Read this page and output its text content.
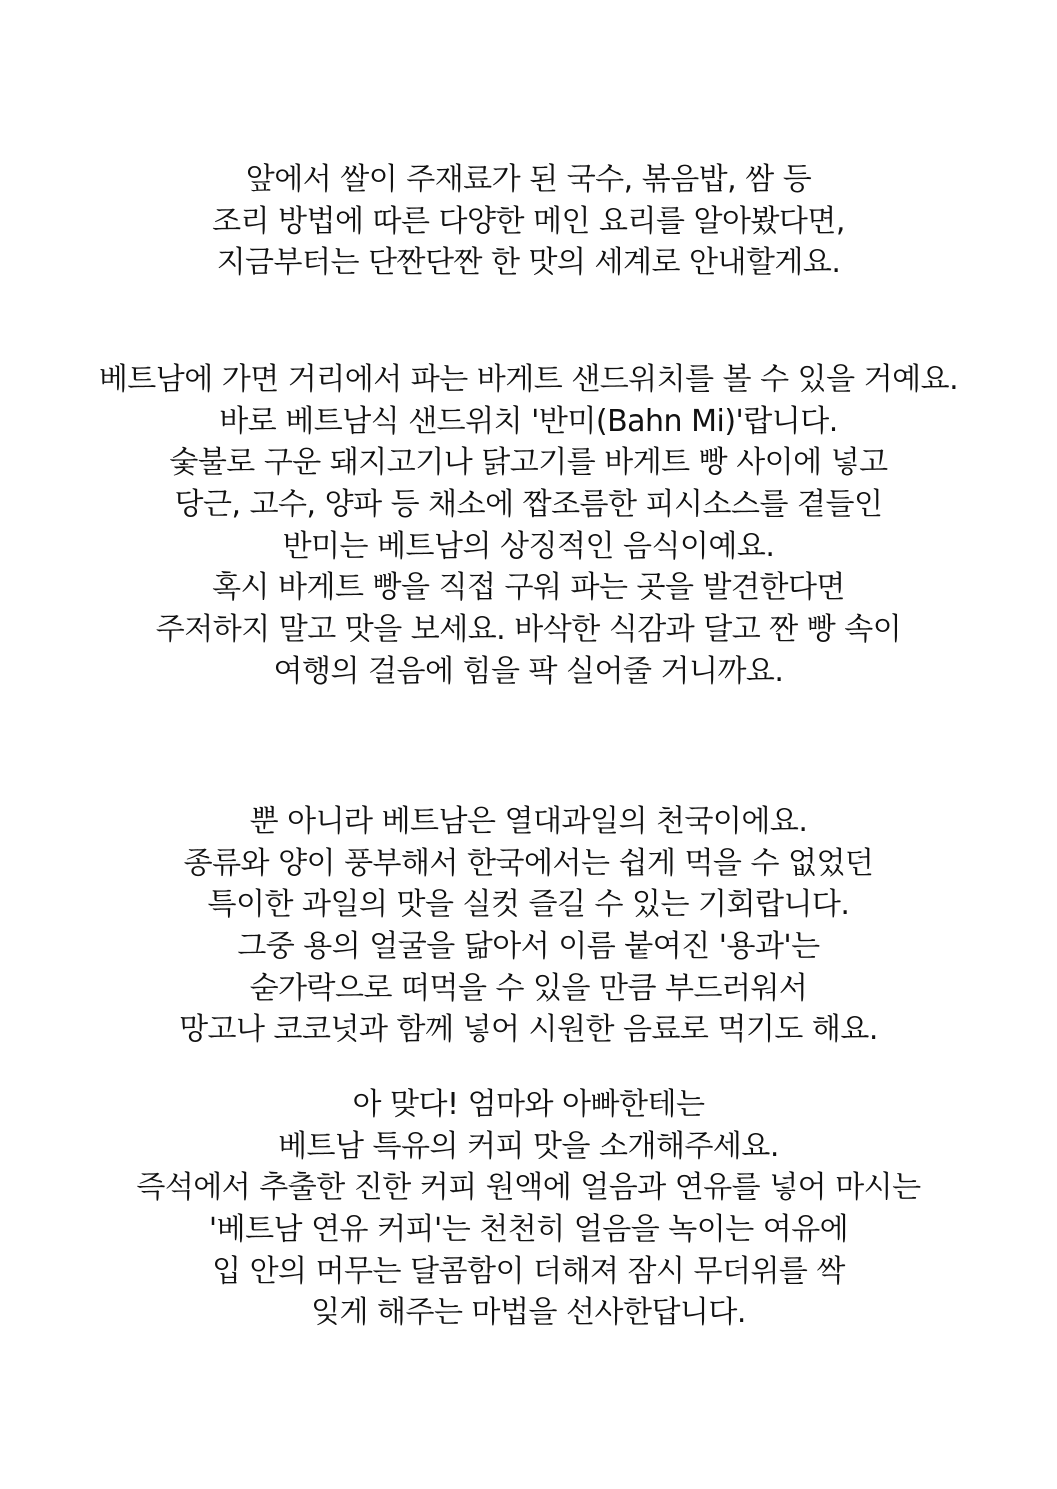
앞에서 쌀이 주재료가 된 국수, 볶음밥, 쌈 등
조리 방법에 따른 다양한 메인 요리를 알아봤다면,
지금부터는 단짠단짠 한 맛의 세계로 안내할게요.
베트남에 가면 거리에서 파는 바게트 샌드위치를 볼 수 있을 거예요.
바로 베트남식 샌드위치 '반미(Bahn Mi)'랍니다.
숯불로 구운 돼지고기나 닭고기를 바게트 빵 사이에 넣고
당근, 고수, 양파 등 채소에 짭조름한 피시소스를 곁들인
반미는 베트남의 상징적인 음식이예요.
혹시 바게트 빵을 직접 구워 파는 곳을 발견한다면
주저하지 말고 맛을 보세요. 바삭한 식감과 달고 짠 빵 속이
여행의 걸음에 힘을 팍 실어줄 거니까요.
뿐 아니라 베트남은 열대과일의 천국이에요.
종류와 양이 풍부해서 한국에서는 쉽게 먹을 수 없었던
특이한 과일의 맛을 실컷 즐길 수 있는 기회랍니다.
그중 용의 얼굴을 닮아서 이름 붙여진 '용과'는
숟가락으로 떠먹을 수 있을 만큼 부드러워서
망고나 코코넛과 함께 넣어 시원한 음료로 먹기도 해요.
아 맞다! 엄마와 아빠한테는
베트남 특유의 커피 맛을 소개해주세요.
즉석에서 추출한 진한 커피 원액에 얼음과 연유를 넣어 마시는
'베트남 연유 커피'는 천천히 얼음을 녹이는 여유에
입 안의 머무는 달콤함이 더해져 잠시 무더위를 싹
잊게 해주는 마법을 선사한답니다.
